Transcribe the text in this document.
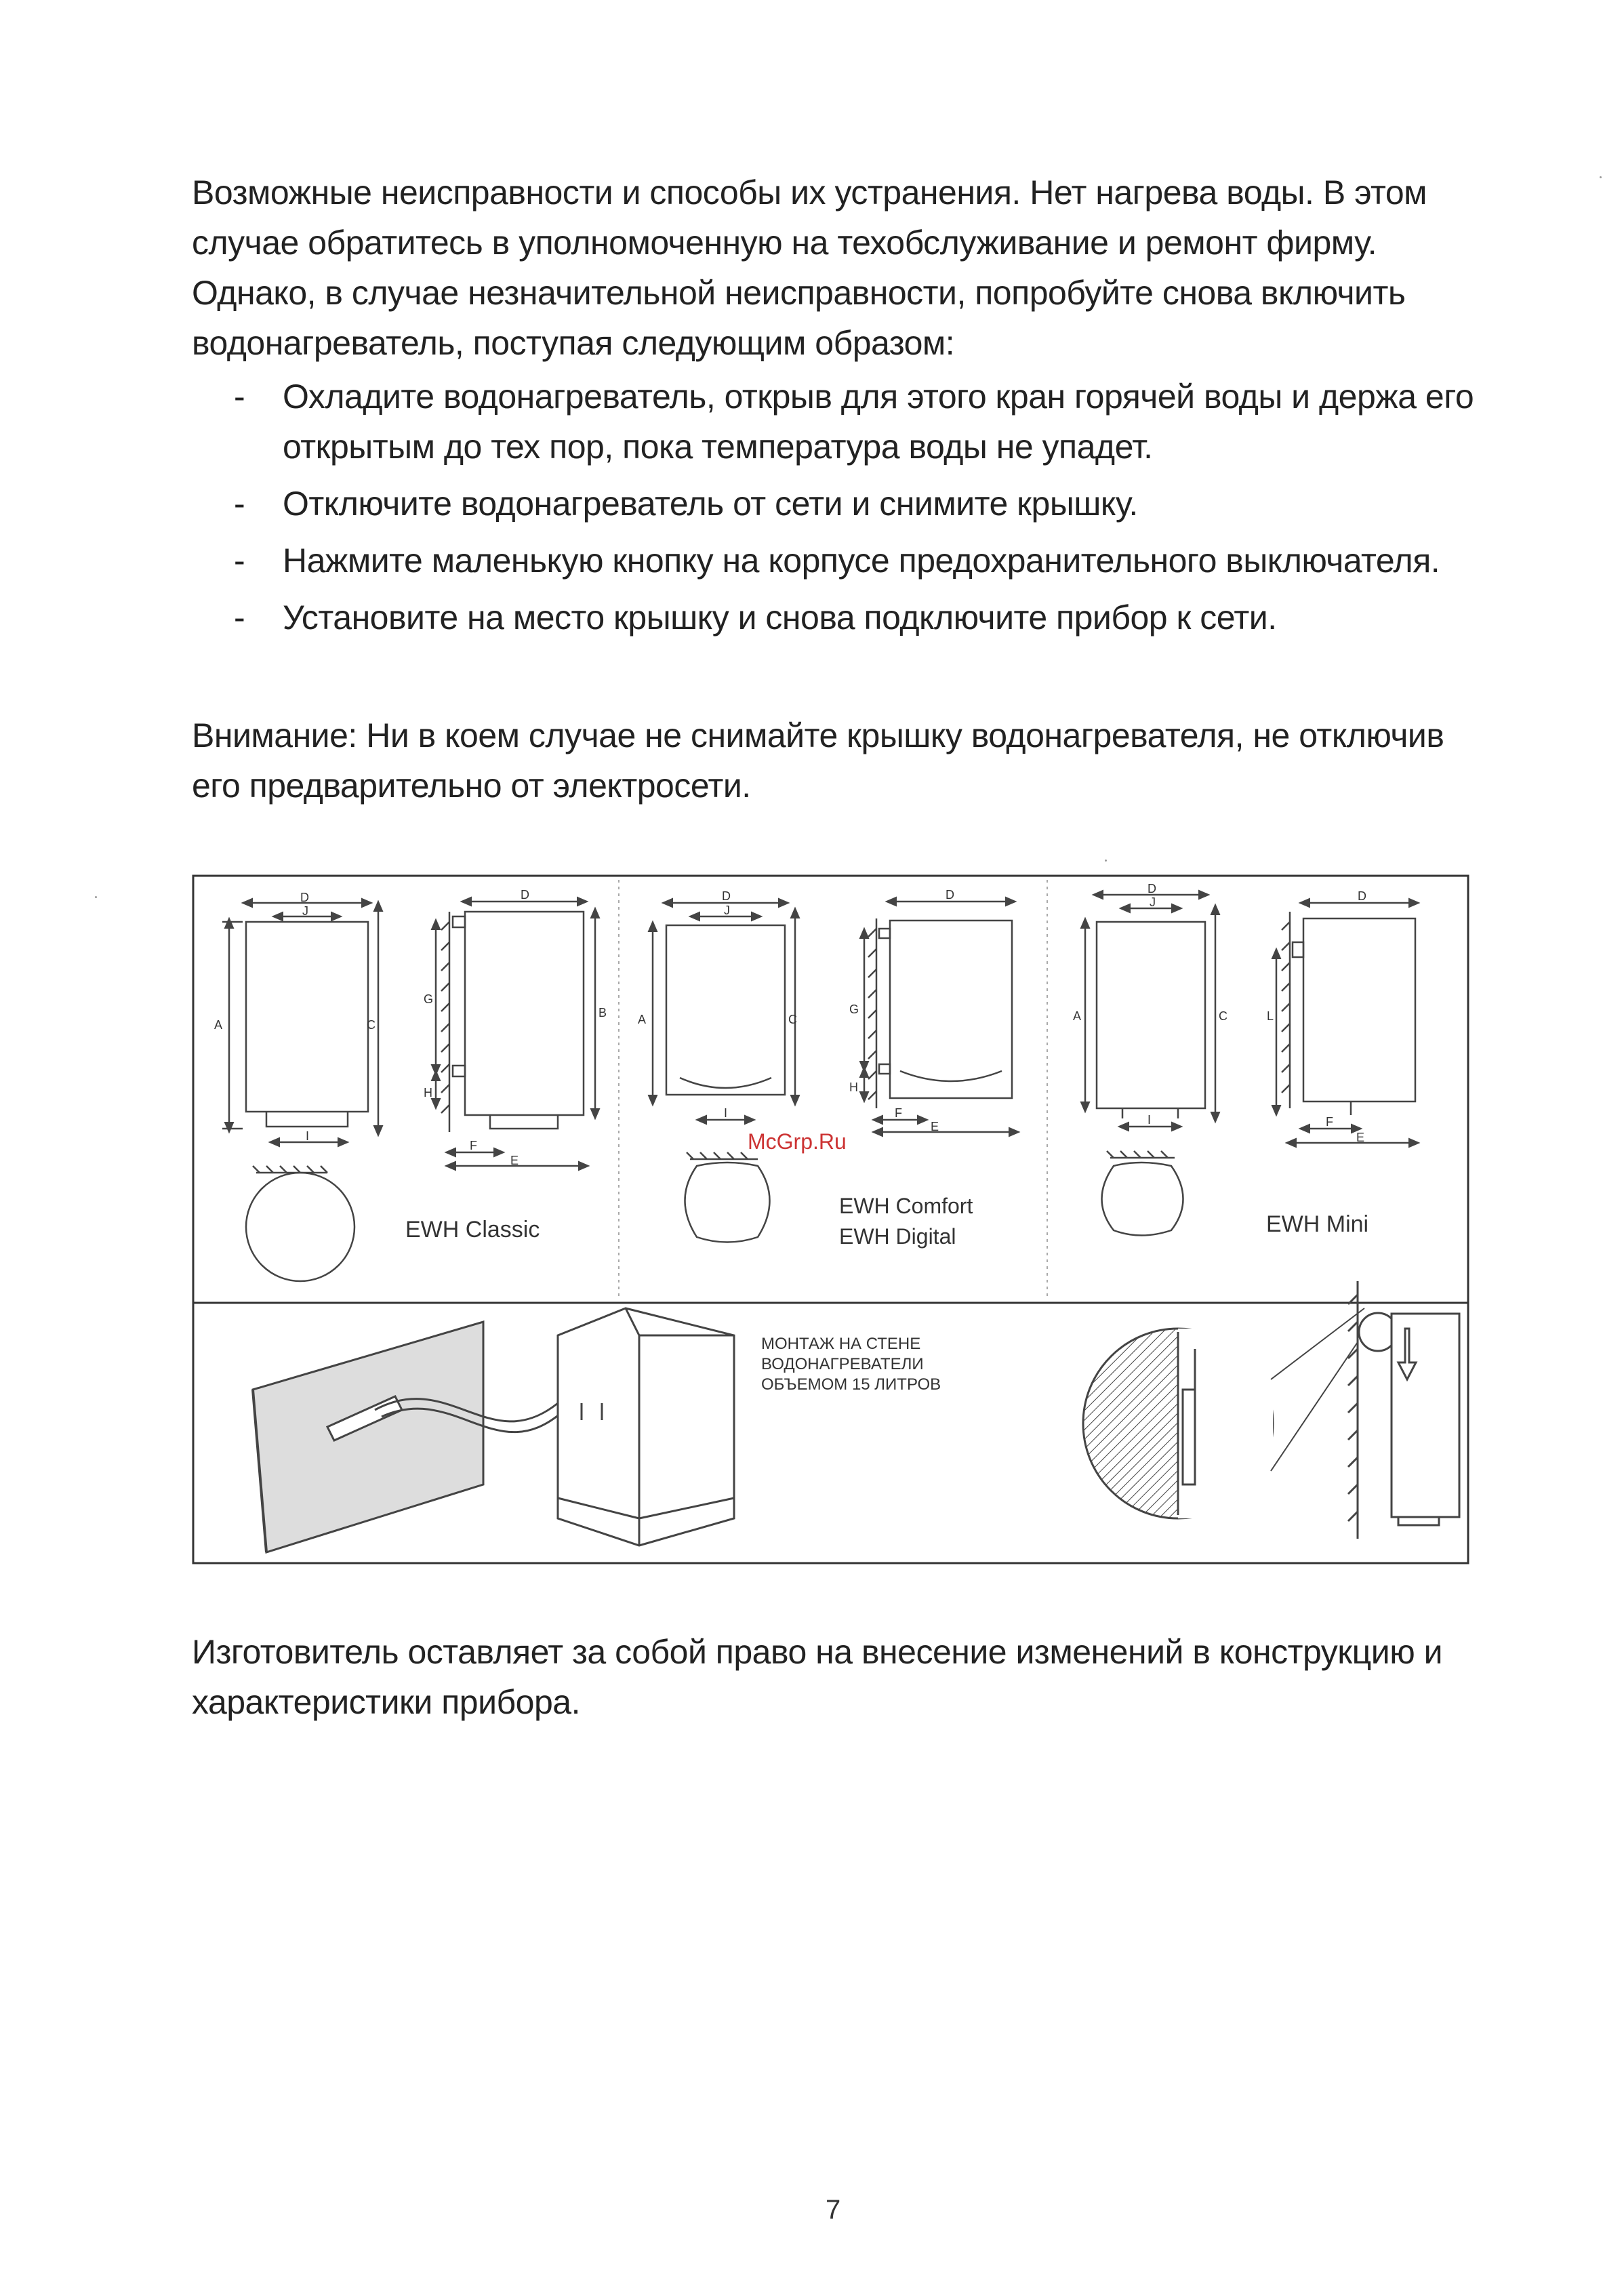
Возможные неисправности и способы их устранения. Нет нагрева воды. В этом случае обратитесь в уполномоченную на техобслуживание и ремонт фирму. Однако, в случае незначительной неисправности, попробуйте снова включить водонагреватель, поступая следующим образом:
- Охладите водонагреватель, открыв для этого кран горячей воды и держа его открытым до тех пор, пока температура воды не упадет.
- Отключите водонагреватель от сети и снимите крышку.
- Нажмите маленькую кнопку на корпусе предохранительного выключателя.
- Установите на место крышку и снова подключите прибор к сети.
Внимание: Ни в коем случае не снимайте крышку водонагревателя, не отключив его предварительно от электросети.
D
J
A	C
I
D
G
H
B
F
E
EWH Classic
D
J
A	C
I
D
G
H
F
E
EWH Comfort
EWH Digital
McGrp.Ru
D
J
A	C
I
D
L
F
E
EWH Mini
МОНТАЖ НА СТЕНЕ
ВОДОНАГРЕВАТЕЛИ
ОБЪЕМОМ 15 ЛИТРОВ
Изготовитель оставляет за собой право на внесение изменений в конструкцию и характеристики прибора.
7
